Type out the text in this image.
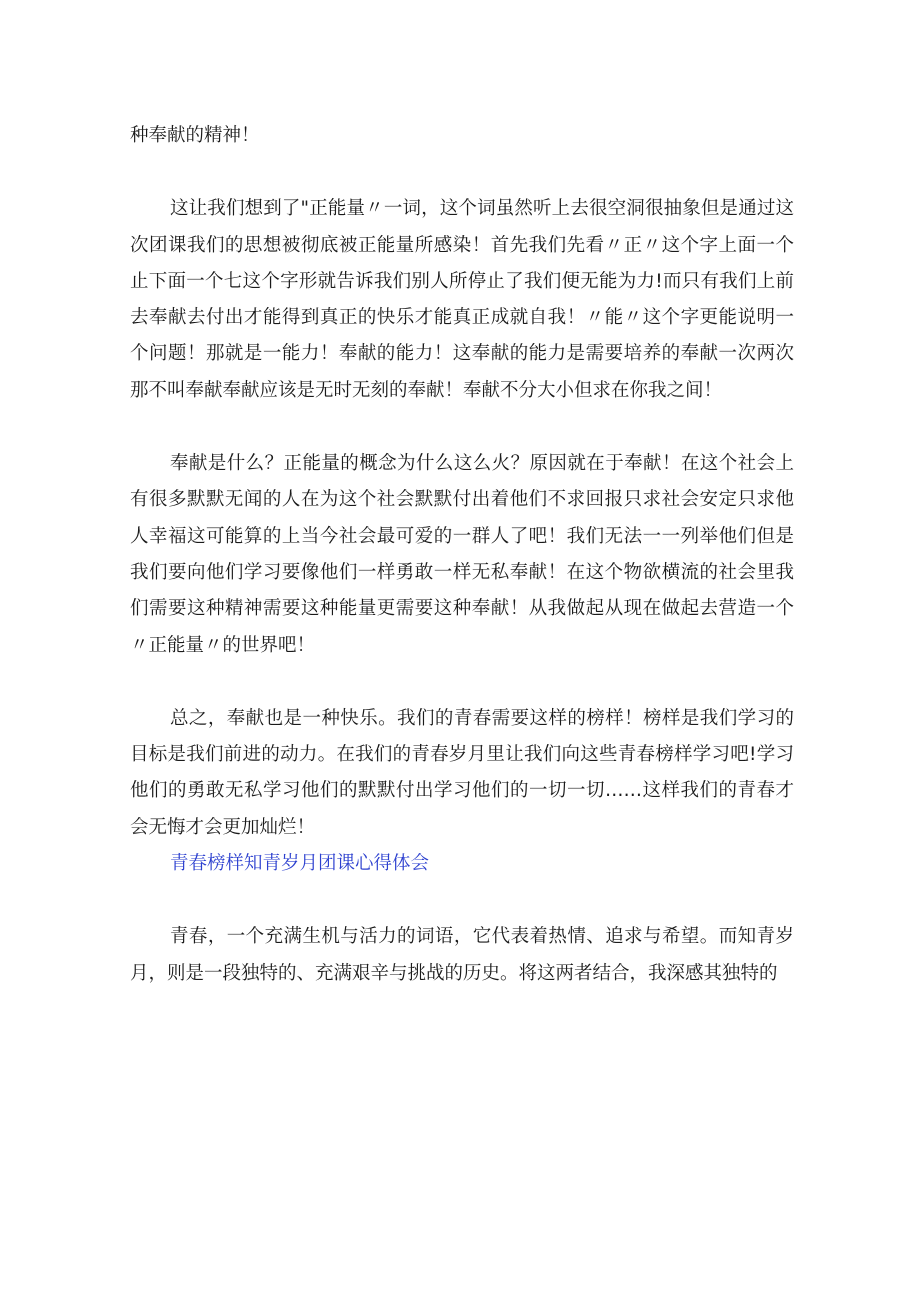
种奉献的精神！

这让我们想到了"正能量〃一词，这个词虽然听上去很空洞很抽象但是通过这次团课我们的思想被彻底被正能量所感染！首先我们先看〃正〃这个字上面一个止下面一个七这个字形就告诉我们别人所停止了我们便无能为力!而只有我们上前去奉献去付出才能得到真正的快乐才能真正成就自我！〃能〃这个字更能说明一个问题！那就是一能力！奉献的能力！这奉献的能力是需要培养的奉献一次两次那不叫奉献奉献应该是无时无刻的奉献！奉献不分大小但求在你我之间！

奉献是什么？正能量的概念为什么这么火？原因就在于奉献！在这个社会上有很多默默无闻的人在为这个社会默默付出着他们不求回报只求社会安定只求他人幸福这可能算的上当今社会最可爱的一群人了吧！我们无法一一列举他们但是我们要向他们学习要像他们一样勇敢一样无私奉献！在这个物欲横流的社会里我们需要这种精神需要这种能量更需要这种奉献！从我做起从现在做起去营造一个〃正能量〃的世界吧！

总之，奉献也是一种快乐。我们的青春需要这样的榜样！榜样是我们学习的目标是我们前进的动力。在我们的青春岁月里让我们向这些青春榜样学习吧!学习他们的勇敢无私学习他们的默默付出学习他们的一切一切……这样我们的青春才会无悔才会更加灿烂！

青春榜样知青岁月团课心得体会

青春，一个充满生机与活力的词语，它代表着热情、追求与希望。而知青岁月，则是一段独特的、充满艰辛与挑战的历史。将这两者结合，我深感其独特的
